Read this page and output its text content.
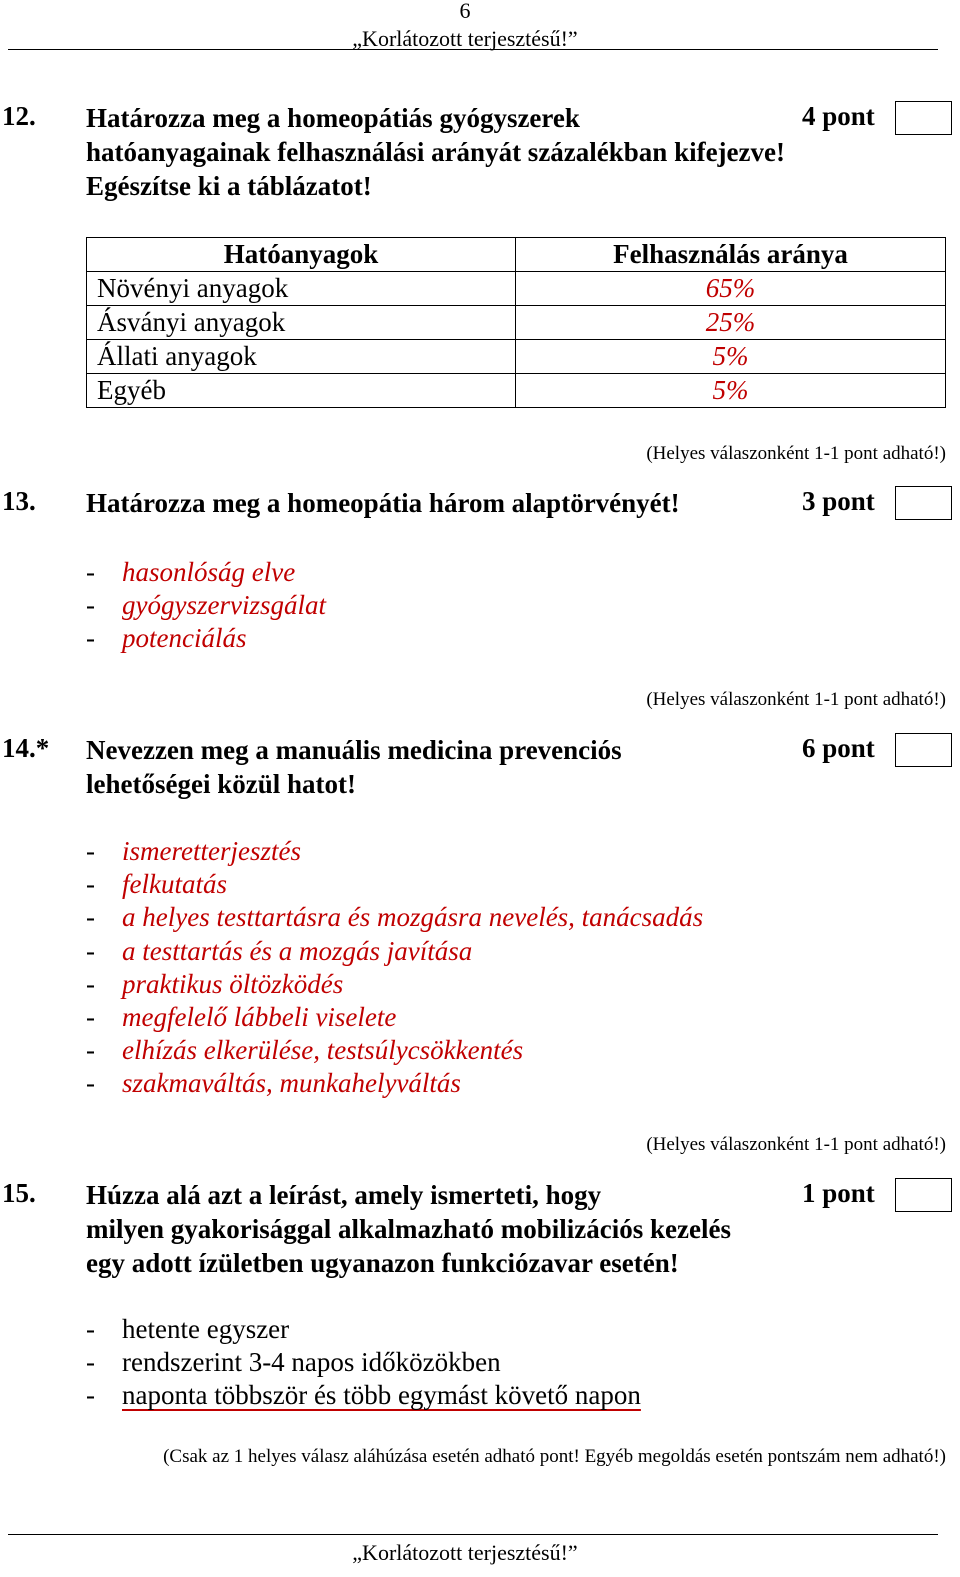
6
„Korlátozott terjesztésű!”
12. Határozza meg a homeopátiás gyógyszerek
hatóanyagainak felhasználási arányát százalékban kifejezve!
Egészítse ki a táblázatot!
4 pont
Hatóanyagok	Felhasználás aránya
Növényi anyagok	65%
Ásványi anyagok	25%
Állati anyagok	5%
Egyéb	5%
(Helyes válaszonként 1-1 pont adható!)
13. Határozza meg a homeopátia három alaptörvényét!	3 pont
- hasonlóság elve
- gyógyszervizsgálat
- potenciálás
(Helyes válaszonként 1-1 pont adható!)
14.* Nevezzen meg a manuális medicina prevenciós
lehetőségei közül hatot!
6 pont
- ismeretterjesztés
- felkutatás
- a helyes testtartásra és mozgásra nevelés, tanácsadás
- a testtartás és a mozgás javítása
- praktikus öltözködés
- megfelelő lábbeli viselete
- elhízás elkerülése, testsúlycsökkentés
- szakmaváltás, munkahelyváltás
(Helyes válaszonként 1-1 pont adható!)
15. Húzza alá azt a leírást, amely ismerteti, hogy
milyen gyakorisággal alkalmazható mobilizációs kezelés
egy adott ízületben ugyanazon funkciózavar esetén!
1 pont
- hetente egyszer
- rendszerint 3-4 napos időközökben
- naponta többször és több egymást követő napon
(Csak az 1 helyes válasz aláhúzása esetén adható pont! Egyéb megoldás esetén pontszám nem adható!)
„Korlátozott terjesztésű!”
